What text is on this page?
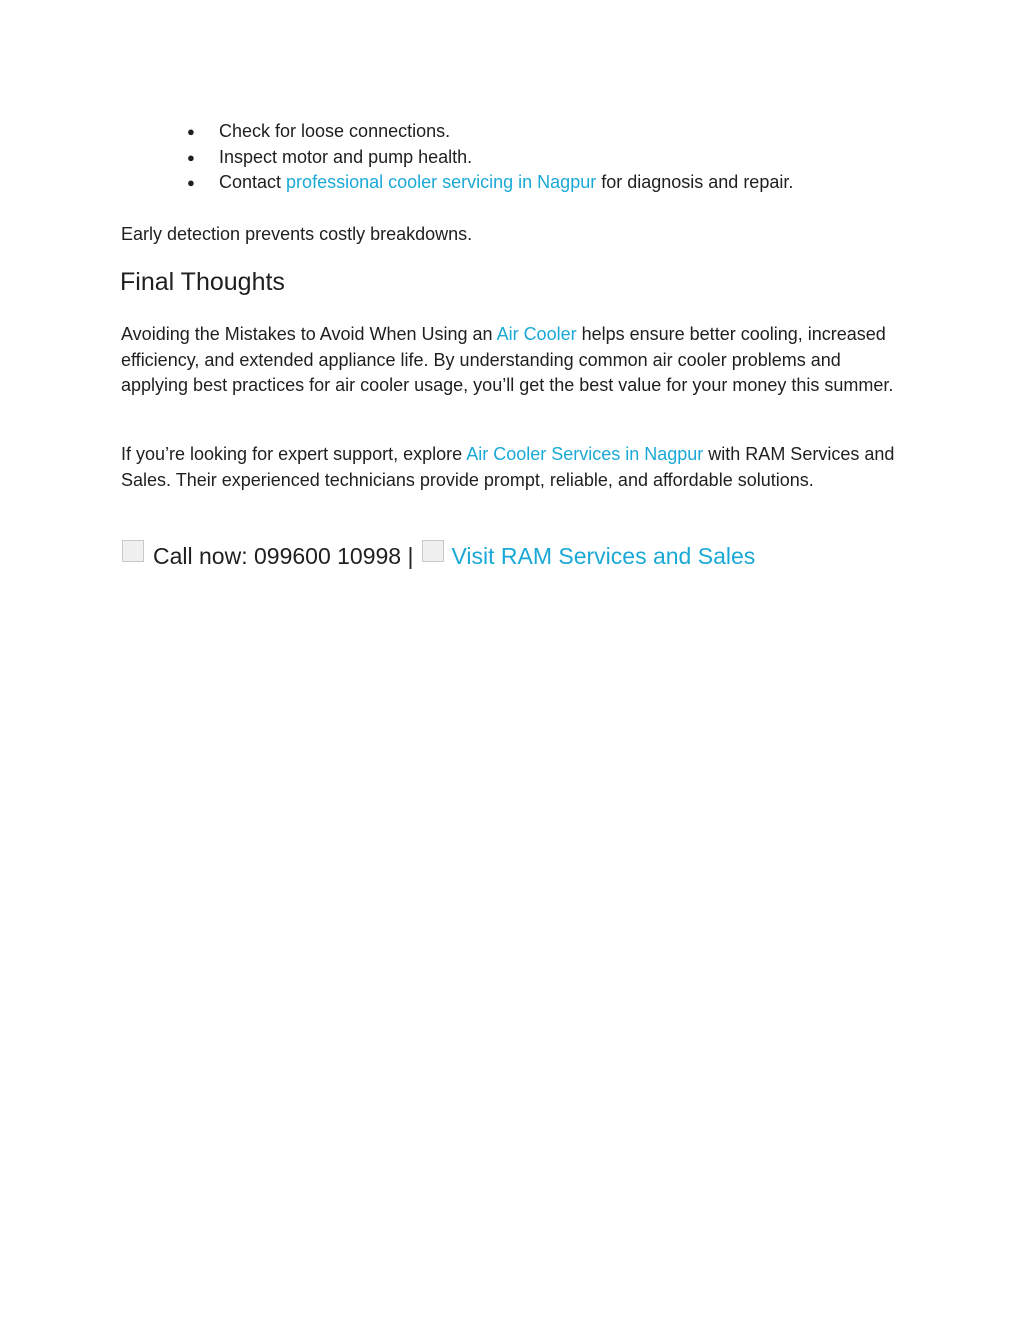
● Check for loose connections.
● Inspect motor and pump health.
● Contact professional cooler servicing in Nagpur for diagnosis and repair.

Early detection prevents costly breakdowns.

Final Thoughts

Avoiding the Mistakes to Avoid When Using an Air Cooler helps ensure better cooling, increased efficiency, and extended appliance life. By understanding common air cooler problems and applying best practices for air cooler usage, you’ll get the best value for your money this summer.

If you’re looking for expert support, explore Air Cooler Services in Nagpur with RAM Services and Sales. Their experienced technicians provide prompt, reliable, and affordable solutions.

Call now: 099600 10998 | Visit RAM Services and Sales
